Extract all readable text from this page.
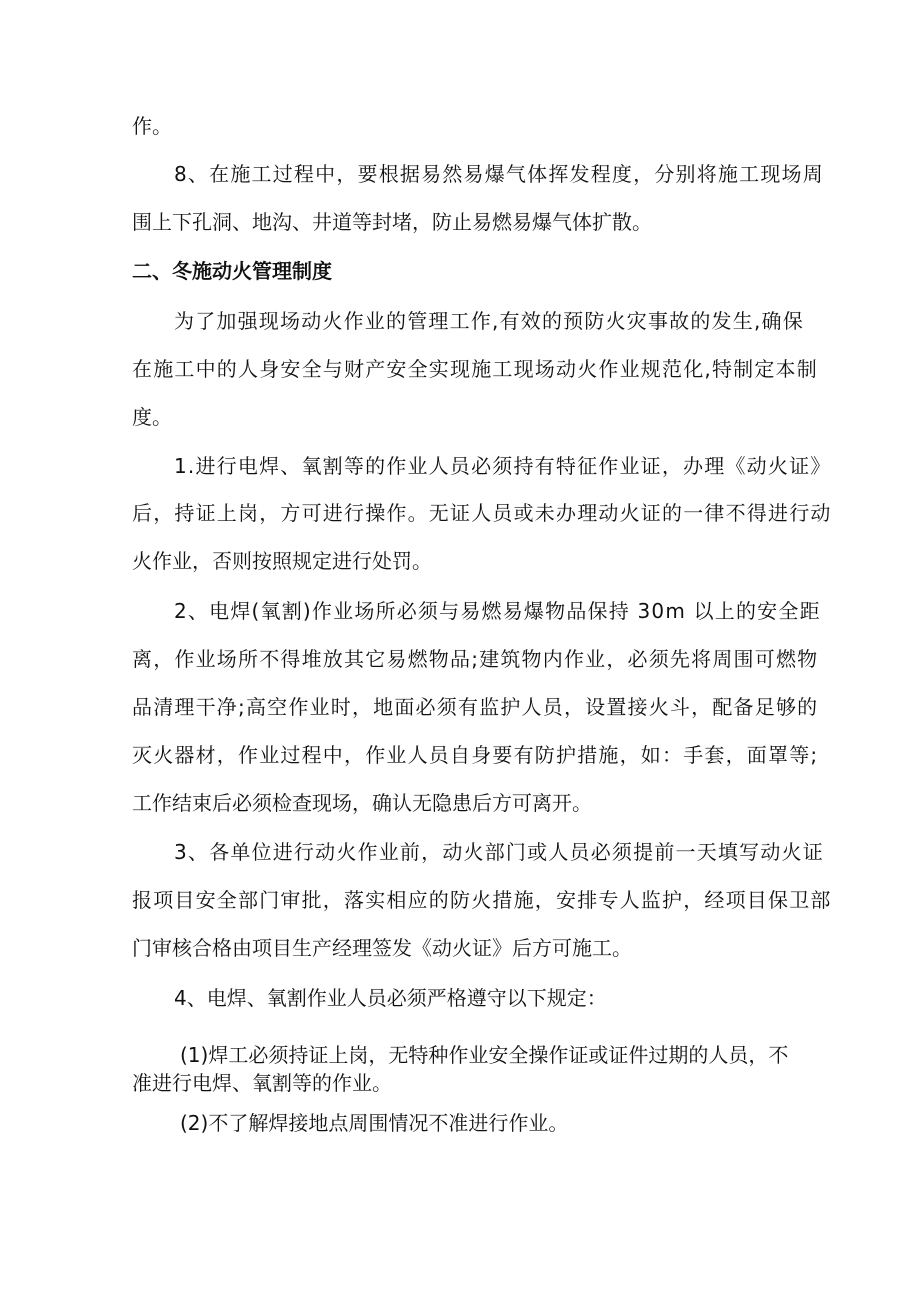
作。
8、在施工过程中，要根据易然易爆气体挥发程度，分别将施工现场周
围上下孔洞、地沟、井道等封堵，防止易燃易爆气体扩散。
二、冬施动火管理制度
为了加强现场动火作业的管理工作,有效的预防火灾事故的发生,确保
在施工中的人身安全与财产安全实现施工现场动火作业规范化,特制定本制
度。
1.进行电焊、氧割等的作业人员必须持有特征作业证，办理《动火证》
后，持证上岗，方可进行操作。无证人员或未办理动火证的一律不得进行动
火作业，否则按照规定进行处罚。
2、电焊(氧割)作业场所必须与易燃易爆物品保持 30m 以上的安全距
离，作业场所不得堆放其它易燃物品;建筑物内作业，必须先将周围可燃物
品清理干净;高空作业时，地面必须有监护人员，设置接火斗，配备足够的
灭火器材，作业过程中，作业人员自身要有防护措施，如：手套，面罩等;
工作结束后必须检查现场，确认无隐患后方可离开。
3、各单位进行动火作业前，动火部门或人员必须提前一天填写动火证
报项目安全部门审批，落实相应的防火措施，安排专人监护，经项目保卫部
门审核合格由项目生产经理签发《动火证》后方可施工。
4、电焊、氧割作业人员必须严格遵守以下规定：
(1)焊工必须持证上岗，无特种作业安全操作证或证件过期的人员，不
准进行电焊、氧割等的作业。
(2)不了解焊接地点周围情况不准进行作业。
